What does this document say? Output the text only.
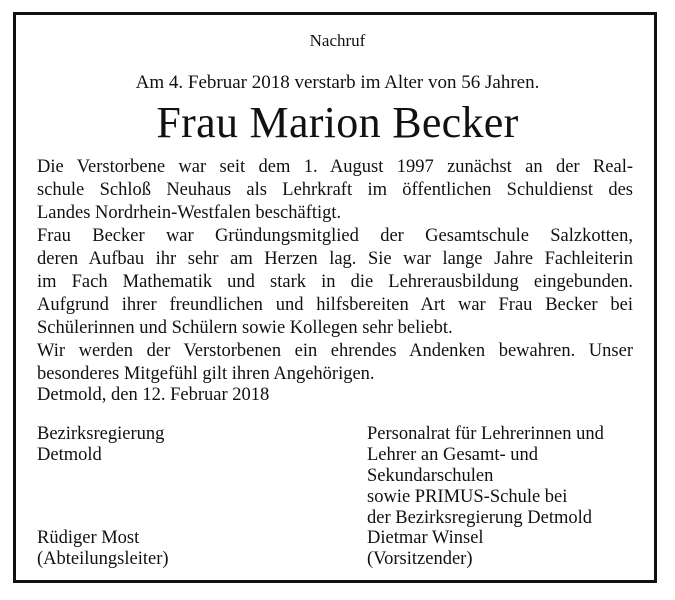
Nachruf
Am 4. Februar 2018 verstarb im Alter von 56 Jahren.
Frau Marion Becker
Die Verstorbene war seit dem 1. August 1997 zunächst an der Real-
schule Schloß Neuhaus als Lehrkraft im öffentlichen Schuldienst des
Landes Nordrhein-Westfalen beschäftigt.
Frau Becker war Gründungsmitglied der Gesamtschule Salzkotten,
deren Aufbau ihr sehr am Herzen lag. Sie war lange Jahre Fachleiterin
im Fach Mathematik und stark in die Lehrerausbildung eingebunden.
Aufgrund ihrer freundlichen und hilfsbereiten Art war Frau Becker bei
Schülerinnen und Schülern sowie Kollegen sehr beliebt.
Wir werden der Verstorbenen ein ehrendes Andenken bewahren. Unser
besonderes Mitgefühl gilt ihren Angehörigen.
Detmold, den 12. Februar 2018
Bezirksregierung
Detmold
Personalrat für Lehrerinnen und
Lehrer an Gesamt- und
Sekundarschulen
sowie PRIMUS-Schule bei
der Bezirksregierung Detmold
Rüdiger Most
(Abteilungsleiter)
Dietmar Winsel
(Vorsitzender)
